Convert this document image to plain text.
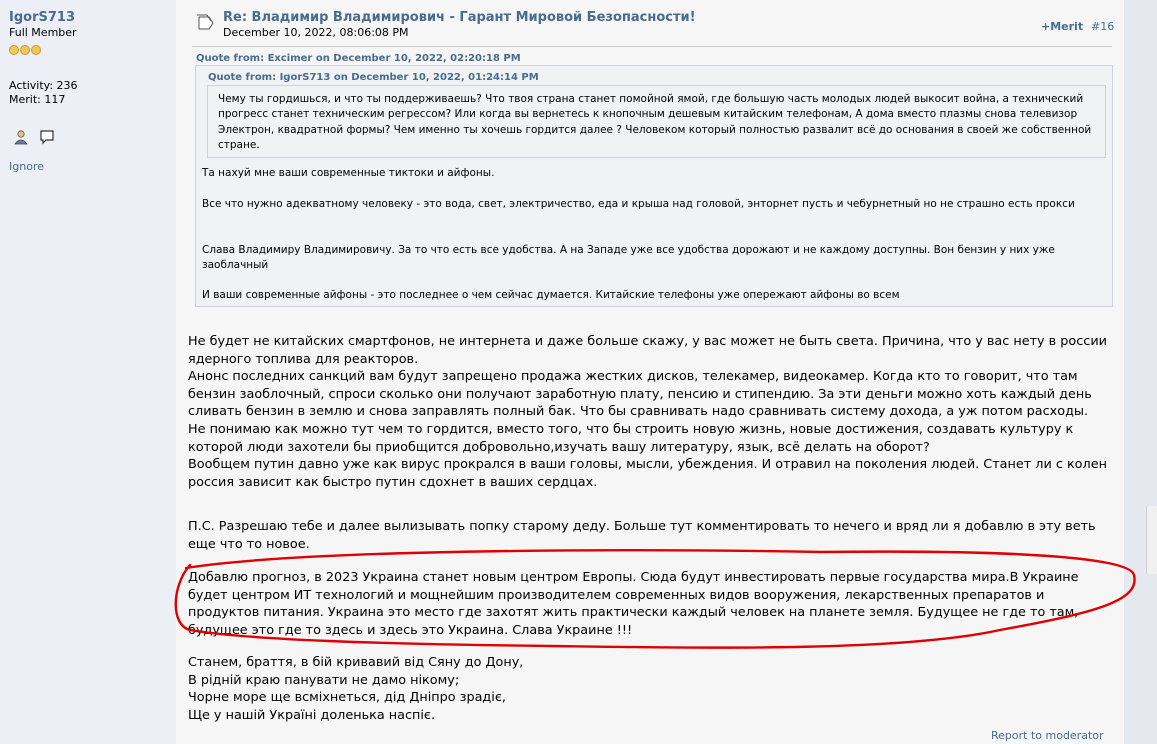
IgorS713
Full Member
Activity: 236
Merit: 117

Ignore
Re: Владимир Владимирович - Гарант Мировой Безопасности!
December 10, 2022, 08:06:08 PM	+Merit #16
Quote from: Excimer on December 10, 2022, 02:20:18 PM
Quote from: IgorS713 on December 10, 2022, 01:24:14 PM
Чему ты гордишься, и что ты поддерживаешь? Что твоя страна станет помойной ямой, где большую часть молодых людей выкосит война, а технический прогресс станет техническим регрессом? Или когда вы вернетесь к кнопочным дешевым китайским телефонам, А дома вместо плазмы снова телевизор Электрон, квадратной формы? Чем именно ты хочешь гордится далее ? Человеком который полностью развалит всё до основания в своей же собственной стране.
Та нахуй мне ваши современные тиктоки и айфоны.
Все что нужно адекватному человеку - это вода, свет, электричество, еда и крыша над головой, энторнет пусть и чебурнетный но не страшно есть прокси
Слава Владимиру Владимировичу. За то что есть все удобства. А на Западе уже все удобства дорожают и не каждому доступны. Вон бензин у них уже заоблачный
И ваши современные айфоны - это последнее о чем сейчас думается. Китайские телефоны уже опережают айфоны во всем
Не будет не китайских смартфонов, не интернета и даже больше скажу, у вас может не быть света. Причина, что у вас нету в россии ядерного топлива для реакторов.
Анонс последних санкций вам будут запрещено продажа жестких дисков, телекамер, видеокамер. Когда кто то говорит, что там бензин заоблочный, спроси сколько они получают заработную плату, пенсию и стипендию. За эти деньги можно хоть каждый день сливать бензин в землю и снова заправлять полный бак. Что бы сравнивать надо сравнивать систему дохода, а уж потом расходы.
Не понимаю как можно тут чем то гордится, вместо того, что бы строить новую жизнь, новые достижения, создавать культуру к которой люди захотели бы приобщится добровольно,изучать вашу литературу, язык, всё делать на оборот?
Вообщем путин давно уже как вирус прокрался в ваши головы, мысли, убеждения. И отравил на поколения людей. Станет ли с колен россия зависит как быстро путин сдохнет в ваших сердцах.
П.С. Разрешаю тебе и далее вылизывать попку старому деду. Больше тут комментировать то нечего и вряд ли я добавлю в эту веть еще что то новое.
Добавлю прогноз, в 2023 Украина станет новым центром Европы. Сюда будут инвестировать первые государства мира.В Украине будет центром ИТ технологий и мощнейшим производителем современных видов вооружения, лекарственных препаратов и продуктов питания. Украина это место где захотят жить практически каждый человек на планете земля. Будущее не где то там, будущее это где то здесь и здесь это Украина. Слава Украине !!!
Станем, браття, в бій кривавий від Сяну до Дону,
В рідній краю панувати не дамо нікому;
Чорне море ще всміхнеться, дід Дніпро зрадіє,
Ще у нашій Україні доленька наспіє.
Report to moderator
